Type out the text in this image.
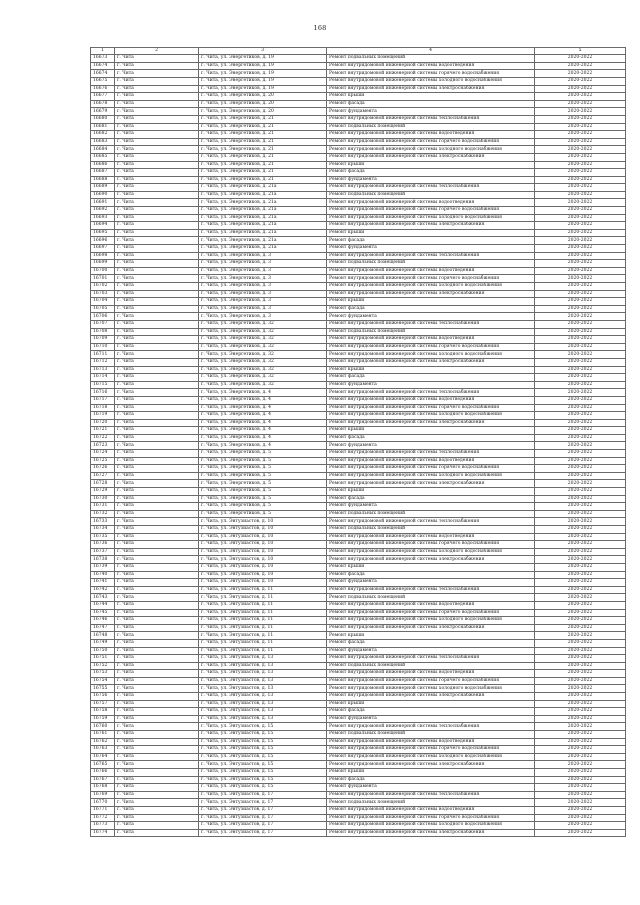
168
1	2	3	4	5
16673	г. Чита	г. Чита, ул. Энергетиков, д. 19	Ремонт подвальных помещений	2020-2022
16674	г. Чита	г. Чита, ул. Энергетиков, д. 19	Ремонт внутридомовой инженерной системы водоотведения	2020-2022
16674	г. Чита	г. Чита, ул. Энергетиков, д. 19	Ремонт внутридомовой инженерной системы горячего водоснабжения	2020-2022
16675	г. Чита	г. Чита, ул. Энергетиков, д. 19	Ремонт внутридомовой инженерной системы холодного водоснабжения	2020-2022
16676	г. Чита	г. Чита, ул. Энергетиков, д. 19	Ремонт внутридомовой инженерной системы электроснабжения	2020-2022
16677	г. Чита	г. Чита, ул. Энергетиков, д. 20	Ремонт крыши	2020-2022
16678	г. Чита	г. Чита, ул. Энергетиков, д. 20	Ремонт фасада	2020-2022
16679	г. Чита	г. Чита, ул. Энергетиков, д. 20	Ремонт фундамента	2020-2022
16680	г. Чита	г. Чита, ул. Энергетиков, д. 21	Ремонт внутридомовой инженерной системы теплоснабжения	2020-2022
16681	г. Чита	г. Чита, ул. Энергетиков, д. 21	Ремонт подвальных помещений	2020-2022
16682	г. Чита	г. Чита, ул. Энергетиков, д. 21	Ремонт внутридомовой инженерной системы водоотведения	2020-2022
16683	г. Чита	г. Чита, ул. Энергетиков, д. 21	Ремонт внутридомовой инженерной системы горячего водоснабжения	2020-2022
16684	г. Чита	г. Чита, ул. Энергетиков, д. 21	Ремонт внутридомовой инженерной системы холодного водоснабжения	2020-2022
16685	г. Чита	г. Чита, ул. Энергетиков, д. 21	Ремонт внутридомовой инженерной системы электроснабжения	2020-2022
16686	г. Чита	г. Чита, ул. Энергетиков, д. 21	Ремонт крыши	2020-2022
16687	г. Чита	г. Чита, ул. Энергетиков, д. 21	Ремонт фасада	2020-2022
16688	г. Чита	г. Чита, ул. Энергетиков, д. 21	Ремонт фундамента	2020-2022
16689	г. Чита	г. Чита, ул. Энергетиков, д. 21а	Ремонт внутридомовой инженерной системы теплоснабжения	2020-2022
16690	г. Чита	г. Чита, ул. Энергетиков, д. 21а	Ремонт подвальных помещений	2020-2022
16691	г. Чита	г. Чита, ул. Энергетиков, д. 21а	Ремонт внутридомовой инженерной системы водоотведения	2020-2022
16692	г. Чита	г. Чита, ул. Энергетиков, д. 21а	Ремонт внутридомовой инженерной системы горячего водоснабжения	2020-2022
16693	г. Чита	г. Чита, ул. Энергетиков, д. 21а	Ремонт внутридомовой инженерной системы холодного водоснабжения	2020-2022
16694	г. Чита	г. Чита, ул. Энергетиков, д. 21а	Ремонт внутридомовой инженерной системы электроснабжения	2020-2022
16695	г. Чита	г. Чита, ул. Энергетиков, д. 21а	Ремонт крыши	2020-2022
16696	г. Чита	г. Чита, ул. Энергетиков, д. 21а	Ремонт фасада	2020-2022
16697	г. Чита	г. Чита, ул. Энергетиков, д. 21а	Ремонт фундамента	2020-2022
16698	г. Чита	г. Чита, ул. Энергетиков, д. 3	Ремонт внутридомовой инженерной системы теплоснабжения	2020-2022
16699	г. Чита	г. Чита, ул. Энергетиков, д. 3	Ремонт подвальных помещений	2020-2022
16700	г. Чита	г. Чита, ул. Энергетиков, д. 3	Ремонт внутридомовой инженерной системы водоотведения	2020-2022
16701	г. Чита	г. Чита, ул. Энергетиков, д. 3	Ремонт внутридомовой инженерной системы горячего водоснабжения	2020-2022
16702	г. Чита	г. Чита, ул. Энергетиков, д. 3	Ремонт внутридомовой инженерной системы холодного водоснабжения	2020-2022
16703	г. Чита	г. Чита, ул. Энергетиков, д. 3	Ремонт внутридомовой инженерной системы электроснабжения	2020-2022
16704	г. Чита	г. Чита, ул. Энергетиков, д. 3	Ремонт крыши	2020-2022
16705	г. Чита	г. Чита, ул. Энергетиков, д. 3	Ремонт фасада	2020-2022
16706	г. Чита	г. Чита, ул. Энергетиков, д. 3	Ремонт фундамента	2020-2022
16707	г. Чита	г. Чита, ул. Энергетиков, д. 32	Ремонт внутридомовой инженерной системы теплоснабжения	2020-2022
16708	г. Чита	г. Чита, ул. Энергетиков, д. 32	Ремонт подвальных помещений	2020-2022
16709	г. Чита	г. Чита, ул. Энергетиков, д. 32	Ремонт внутридомовой инженерной системы водоотведения	2020-2022
16710	г. Чита	г. Чита, ул. Энергетиков, д. 32	Ремонт внутридомовой инженерной системы горячего водоснабжения	2020-2022
16711	г. Чита	г. Чита, ул. Энергетиков, д. 32	Ремонт внутридомовой инженерной системы холодного водоснабжения	2020-2022
16712	г. Чита	г. Чита, ул. Энергетиков, д. 32	Ремонт внутридомовой инженерной системы электроснабжения	2020-2022
16713	г. Чита	г. Чита, ул. Энергетиков, д. 32	Ремонт крыши	2020-2022
16714	г. Чита	г. Чита, ул. Энергетиков, д. 32	Ремонт фасада	2020-2022
16715	г. Чита	г. Чита, ул. Энергетиков, д. 32	Ремонт фундамента	2020-2022
16716	г. Чита	г. Чита, ул. Энергетиков, д. 4	Ремонт внутридомовой инженерной системы теплоснабжения	2020-2022
16717	г. Чита	г. Чита, ул. Энергетиков, д. 4	Ремонт внутридомовой инженерной системы водоотведения	2020-2022
16718	г. Чита	г. Чита, ул. Энергетиков, д. 4	Ремонт внутридомовой инженерной системы горячего водоснабжения	2020-2022
16719	г. Чита	г. Чита, ул. Энергетиков, д. 4	Ремонт внутридомовой инженерной системы холодного водоснабжения	2020-2022
16720	г. Чита	г. Чита, ул. Энергетиков, д. 4	Ремонт внутридомовой инженерной системы электроснабжения	2020-2022
16721	г. Чита	г. Чита, ул. Энергетиков, д. 4	Ремонт крыши	2020-2022
16722	г. Чита	г. Чита, ул. Энергетиков, д. 4	Ремонт фасада	2020-2022
16723	г. Чита	г. Чита, ул. Энергетиков, д. 4	Ремонт фундамента	2020-2022
16724	г. Чита	г. Чита, ул. Энергетиков, д. 5	Ремонт внутридомовой инженерной системы теплоснабжения	2020-2022
16725	г. Чита	г. Чита, ул. Энергетиков, д. 5	Ремонт внутридомовой инженерной системы водоотведения	2020-2022
16726	г. Чита	г. Чита, ул. Энергетиков, д. 5	Ремонт внутридомовой инженерной системы горячего водоснабжения	2020-2022
16727	г. Чита	г. Чита, ул. Энергетиков, д. 5	Ремонт внутридомовой инженерной системы холодного водоснабжения	2020-2022
16728	г. Чита	г. Чита, ул. Энергетиков, д. 5	Ремонт внутридомовой инженерной системы электроснабжения	2020-2022
16729	г. Чита	г. Чита, ул. Энергетиков, д. 5	Ремонт крыши	2020-2022
16730	г. Чита	г. Чита, ул. Энергетиков, д. 5	Ремонт фасада	2020-2022
16731	г. Чита	г. Чита, ул. Энергетиков, д. 5	Ремонт фундамента	2020-2022
16732	г. Чита	г. Чита, ул. Энергетиков, д. 5	Ремонт подвальных помещений	2020-2022
16733	г. Чита	г. Чита, ул. Энтузиастов, д. 10	Ремонт внутридомовой инженерной системы теплоснабжения	2020-2022
16734	г. Чита	г. Чита, ул. Энтузиастов, д. 10	Ремонт подвальных помещений	2020-2022
16735	г. Чита	г. Чита, ул. Энтузиастов, д. 10	Ремонт внутридомовой инженерной системы водоотведения	2020-2022
16736	г. Чита	г. Чита, ул. Энтузиастов, д. 10	Ремонт внутридомовой инженерной системы горячего водоснабжения	2020-2022
16737	г. Чита	г. Чита, ул. Энтузиастов, д. 10	Ремонт внутридомовой инженерной системы холодного водоснабжения	2020-2022
16738	г. Чита	г. Чита, ул. Энтузиастов, д. 10	Ремонт внутридомовой инженерной системы электроснабжения	2020-2022
16739	г. Чита	г. Чита, ул. Энтузиастов, д. 10	Ремонт крыши	2020-2022
16740	г. Чита	г. Чита, ул. Энтузиастов, д. 10	Ремонт фасада	2020-2022
16741	г. Чита	г. Чита, ул. Энтузиастов, д. 10	Ремонт фундамента	2020-2022
16742	г. Чита	г. Чита, ул. Энтузиастов, д. 11	Ремонт внутридомовой инженерной системы теплоснабжения	2020-2022
16743	г. Чита	г. Чита, ул. Энтузиастов, д. 11	Ремонт подвальных помещений	2020-2022
16744	г. Чита	г. Чита, ул. Энтузиастов, д. 11	Ремонт внутридомовой инженерной системы водоотведения	2020-2022
16745	г. Чита	г. Чита, ул. Энтузиастов, д. 11	Ремонт внутридомовой инженерной системы горячего водоснабжения	2020-2022
16746	г. Чита	г. Чита, ул. Энтузиастов, д. 11	Ремонт внутридомовой инженерной системы холодного водоснабжения	2020-2022
16747	г. Чита	г. Чита, ул. Энтузиастов, д. 11	Ремонт внутридомовой инженерной системы электроснабжения	2020-2022
16748	г. Чита	г. Чита, ул. Энтузиастов, д. 11	Ремонт крыши	2020-2022
16749	г. Чита	г. Чита, ул. Энтузиастов, д. 11	Ремонт фасада	2020-2022
16750	г. Чита	г. Чита, ул. Энтузиастов, д. 11	Ремонт фундамента	2020-2022
16751	г. Чита	г. Чита, ул. Энтузиастов, д. 13	Ремонт внутридомовой инженерной системы теплоснабжения	2020-2022
16752	г. Чита	г. Чита, ул. Энтузиастов, д. 13	Ремонт подвальных помещений	2020-2022
16753	г. Чита	г. Чита, ул. Энтузиастов, д. 13	Ремонт внутридомовой инженерной системы водоотведения	2020-2022
16754	г. Чита	г. Чита, ул. Энтузиастов, д. 13	Ремонт внутридомовой инженерной системы горячего водоснабжения	2020-2022
16755	г. Чита	г. Чита, ул. Энтузиастов, д. 13	Ремонт внутридомовой инженерной системы холодного водоснабжения	2020-2022
16756	г. Чита	г. Чита, ул. Энтузиастов, д. 13	Ремонт внутридомовой инженерной системы электроснабжения	2020-2022
16757	г. Чита	г. Чита, ул. Энтузиастов, д. 13	Ремонт крыши	2020-2022
16758	г. Чита	г. Чита, ул. Энтузиастов, д. 13	Ремонт фасада	2020-2022
16759	г. Чита	г. Чита, ул. Энтузиастов, д. 13	Ремонт фундамента	2020-2022
16760	г. Чита	г. Чита, ул. Энтузиастов, д. 15	Ремонт внутридомовой инженерной системы теплоснабжения	2020-2022
16761	г. Чита	г. Чита, ул. Энтузиастов, д. 15	Ремонт подвальных помещений	2020-2022
16762	г. Чита	г. Чита, ул. Энтузиастов, д. 15	Ремонт внутридомовой инженерной системы водоотведения	2020-2022
16763	г. Чита	г. Чита, ул. Энтузиастов, д. 15	Ремонт внутридомовой инженерной системы горячего водоснабжения	2020-2022
16764	г. Чита	г. Чита, ул. Энтузиастов, д. 15	Ремонт внутридомовой инженерной системы холодного водоснабжения	2020-2022
16765	г. Чита	г. Чита, ул. Энтузиастов, д. 15	Ремонт внутридомовой инженерной системы электроснабжения	2020-2022
16766	г. Чита	г. Чита, ул. Энтузиастов, д. 15	Ремонт крыши	2020-2022
16767	г. Чита	г. Чита, ул. Энтузиастов, д. 15	Ремонт фасада	2020-2022
16768	г. Чита	г. Чита, ул. Энтузиастов, д. 15	Ремонт фундамента	2020-2022
16769	г. Чита	г. Чита, ул. Энтузиастов, д. 17	Ремонт внутридомовой инженерной системы теплоснабжения	2020-2022
16770	г. Чита	г. Чита, ул. Энтузиастов, д. 17	Ремонт подвальных помещений	2020-2022
16771	г. Чита	г. Чита, ул. Энтузиастов, д. 17	Ремонт внутридомовой инженерной системы водоотведения	2020-2022
16772	г. Чита	г. Чита, ул. Энтузиастов, д. 17	Ремонт внутридомовой инженерной системы горячего водоснабжения	2020-2022
16773	г. Чита	г. Чита, ул. Энтузиастов, д. 17	Ремонт внутридомовой инженерной системы холодного водоснабжения	2020-2022
16774	г. Чита	г. Чита, ул. Энтузиастов, д. 17	Ремонт внутридомовой инженерной системы электроснабжения	2020-2022
